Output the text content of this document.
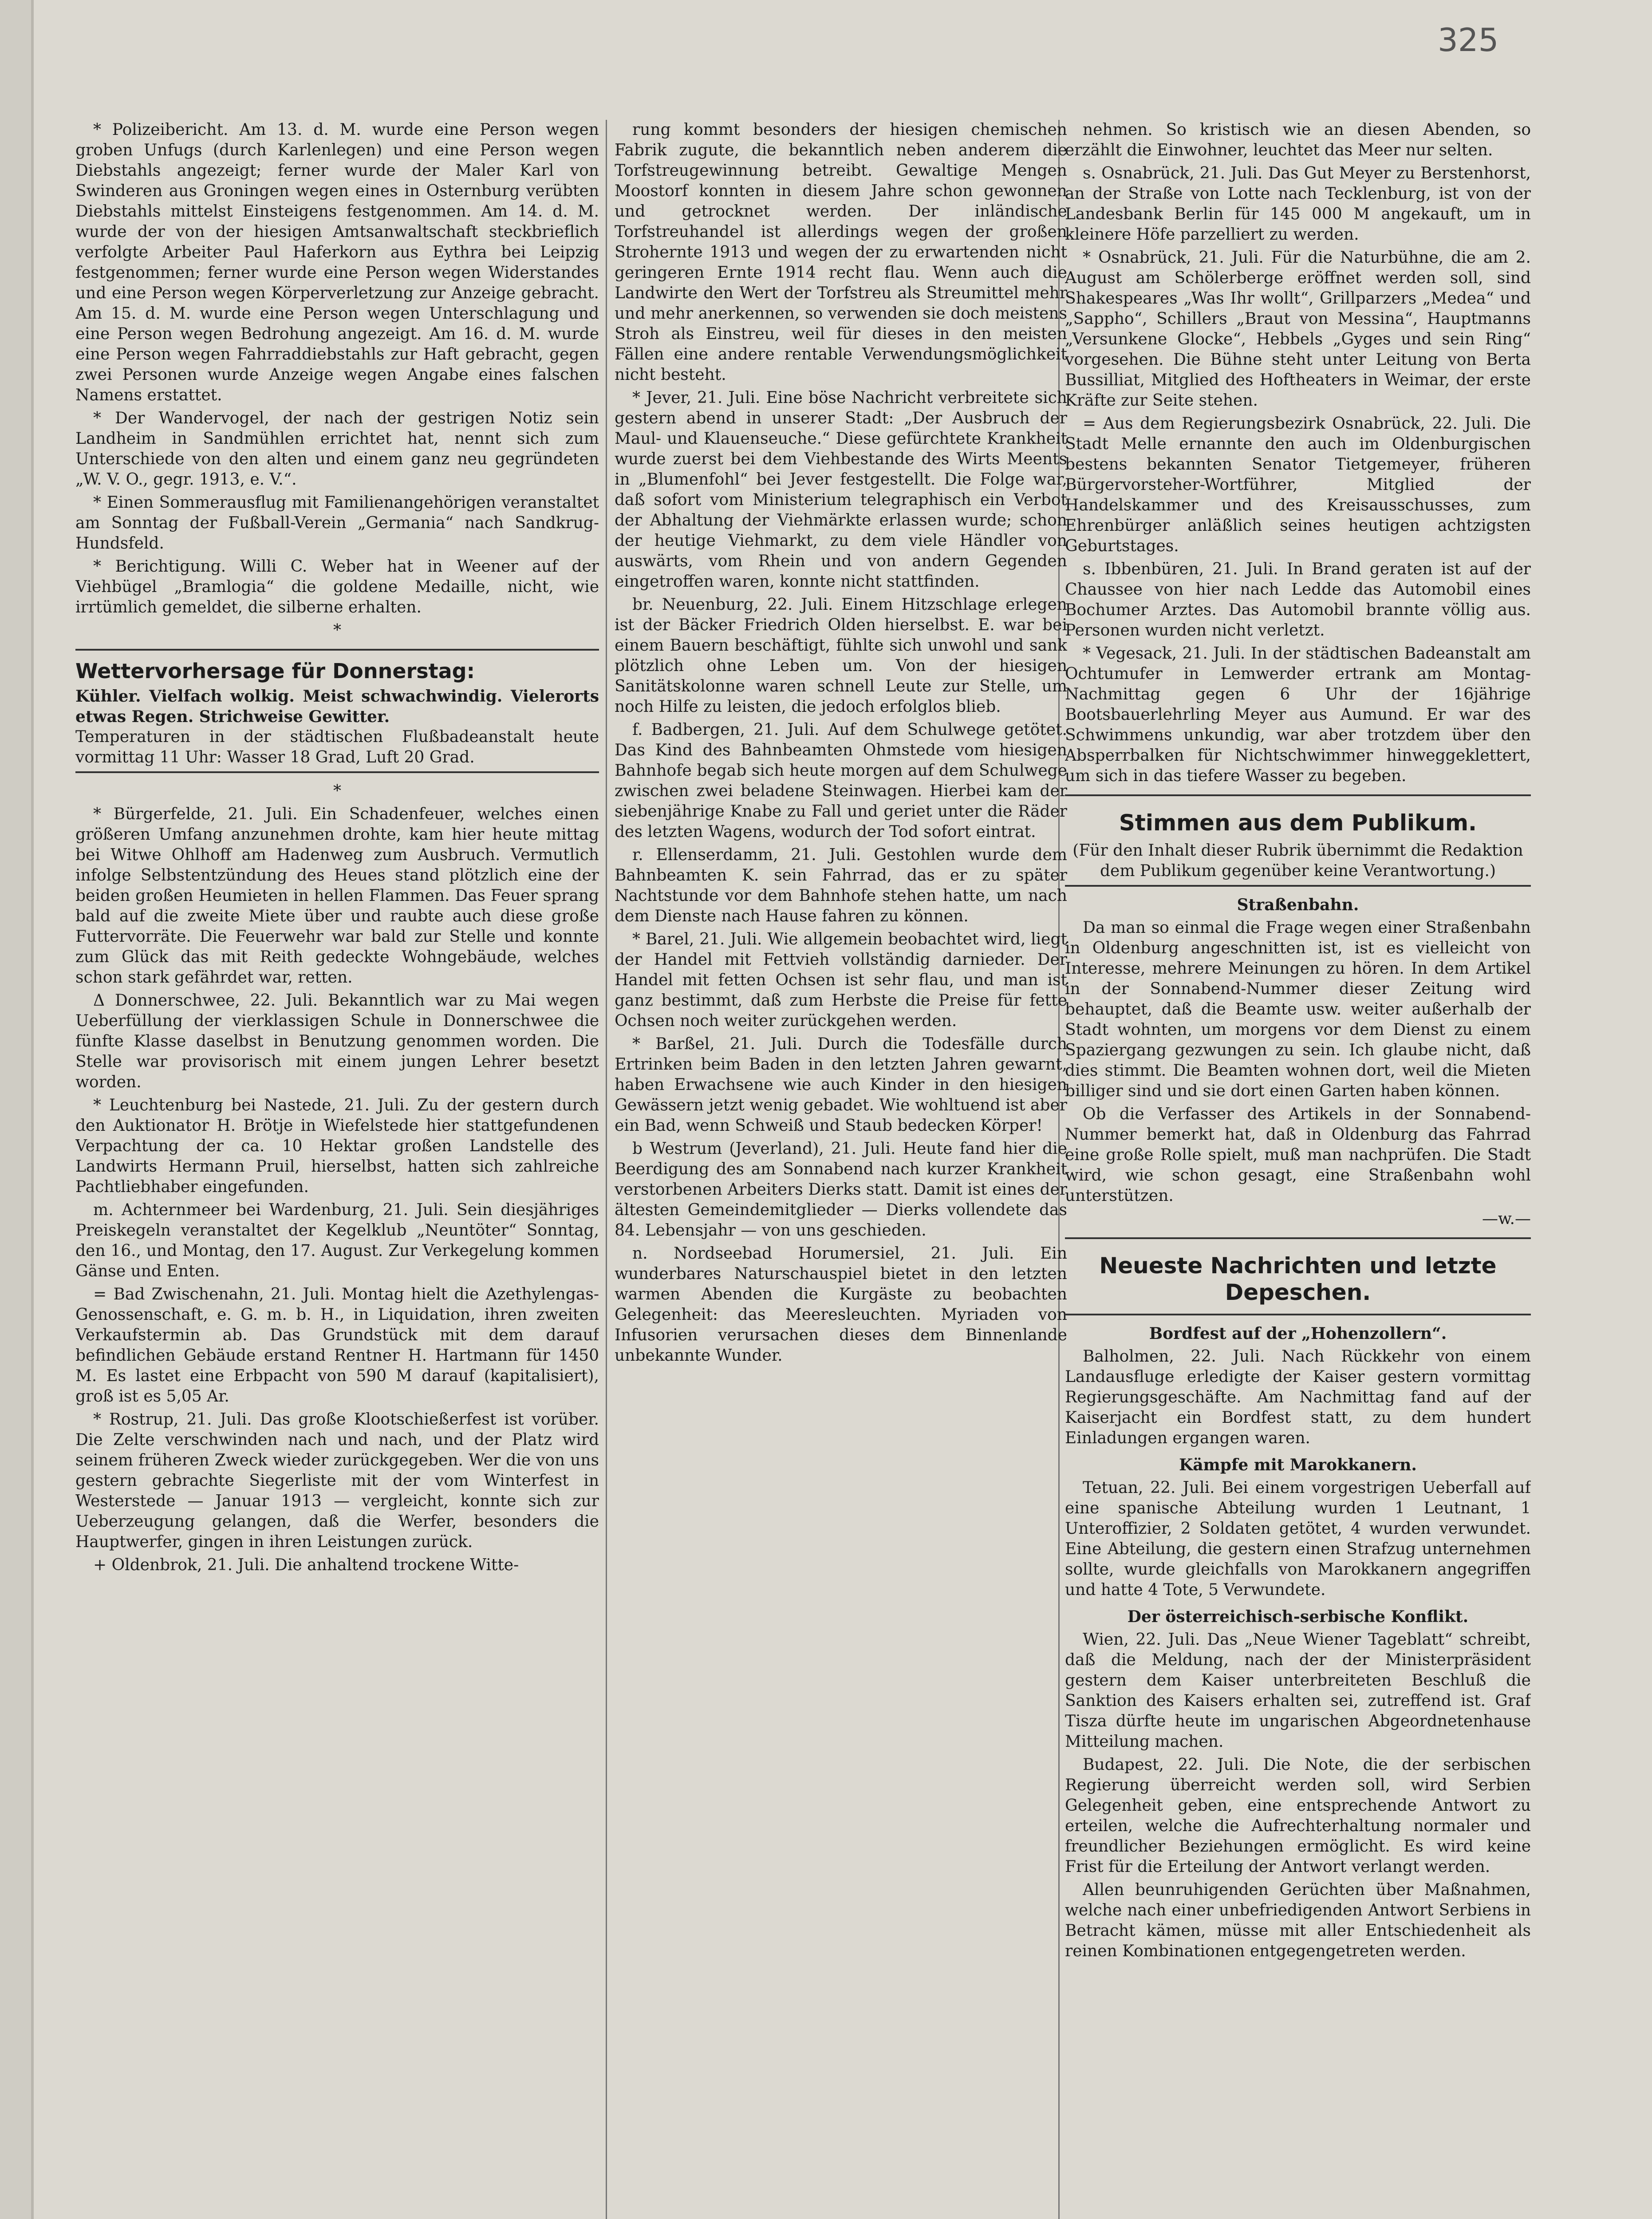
325

* Polizeibericht. Am 13. d. M. wurde eine Person wegen groben Unfugs (durch Karlenlegen) und eine Person wegen Diebstahls angezeigt; ferner wurde der Maler Karl von Swinderen aus Groningen wegen eines in Osternburg verübten Diebstahls mittelst Einsteigens festgenommen. Am 14. d. M. wurde der von der hiesigen Amtsanwaltschaft steckbrieflich verfolgte Arbeiter Paul Haferkorn aus Eythra bei Leipzig festgenommen; ferner wurde eine Person wegen Widerstandes und eine Person wegen Körperverletzung zur Anzeige gebracht. Am 15. d. M. wurde eine Person wegen Unterschlagung und eine Person wegen Bedrohung angezeigt. Am 16. d. M. wurde eine Person wegen Fahrraddiebstahls zur Haft gebracht, gegen zwei Personen wurde Anzeige wegen Angabe eines falschen Namens erstattet.

* Der Wandervogel, der nach der gestrigen Notiz sein Landheim in Sandmühlen errichtet hat, nennt sich zum Unterschiede von den alten und einem ganz neu gegründeten „W. V. O., gegr. 1913, e. V.“.

* Einen Sommerausflug mit Familienangehörigen veranstaltet am Sonntag der Fußball-Verein „Germania“ nach Sandkrug-Hundsfeld.

* Berichtigung. Willi C. Weber hat in Weener auf der Viehbügel „Bramlogia“ die goldene Medaille, nicht, wie irrtümlich gemeldet, die silberne erhalten.

*
Wettervorhersage für Donnerstag:
Kühler. Vielfach wolkig. Meist schwachwindig. Vielerorts etwas Regen. Strichweise Gewitter.
Temperaturen in der städtischen Flußbadeanstalt heute vormittag 11 Uhr: Wasser 18 Grad, Luft 20 Grad.
*

* Bürgerfelde, 21. Juli. Ein Schadenfeuer, welches einen größeren Umfang anzunehmen drohte, kam hier heute mittag bei Witwe Ohlhoff am Hadenweg zum Ausbruch. Vermutlich infolge Selbstentzündung des Heues stand plötzlich eine der beiden großen Heumieten in hellen Flammen. Das Feuer sprang bald auf die zweite Miete über und raubte auch diese große Futtervorräte. Die Feuerwehr war bald zur Stelle und konnte zum Glück das mit Reith gedeckte Wohngebäude, welches schon stark gefährdet war, retten.

Δ Donnerschwee, 22. Juli. Bekanntlich war zu Mai wegen Ueberfüllung der vierklassigen Schule in Donnerschwee die fünfte Klasse daselbst in Benutzung genommen worden. Die Stelle war provisorisch mit einem jungen Lehrer besetzt worden.

* Leuchtenburg bei Nastede, 21. Juli. Zu der gestern durch den Auktionator H. Brötje in Wiefelstede hier stattgefundenen Verpachtung der ca. 10 Hektar großen Landstelle des Landwirts Hermann Pruil, hierselbst, hatten sich zahlreiche Pachtliebhaber eingefunden.

m. Achternmeer bei Wardenburg, 21. Juli. Sein diesjähriges Preiskegeln veranstaltet der Kegelklub „Neuntöter“ Sonntag, den 16., und Montag, den 17. August. Zur Verkegelung kommen Gänse und Enten.

= Bad Zwischenahn, 21. Juli. Montag hielt die Azethylengas-Genossenschaft, e. G. m. b. H., in Liquidation, ihren zweiten Verkaufstermin ab. Das Grundstück mit dem darauf befindlichen Gebäude erstand Rentner H. Hartmann für 1450 M. Es lastet eine Erbpacht von 590 M darauf (kapitalisiert), groß ist es 5,05 Ar.

* Rostrup, 21. Juli. Das große Klootschießerfest ist vorüber. Die Zelte verschwinden nach und nach, und der Platz wird seinem früheren Zweck wieder zurückgegeben. Wer die von uns gestern gebrachte Siegerliste mit der vom Winterfest in Westerstede — Januar 1913 — vergleicht, konnte sich zur Ueberzeugung gelangen, daß die Werfer, besonders die Hauptwerfer, gingen in ihren Leistungen zurück.

+ Oldenbrok, 21. Juli. Die anhaltend trockene Witte-

rung kommt besonders der hiesigen chemischen Fabrik zugute, die bekanntlich neben anderem die Torfstreugewinnung betreibt. Gewaltige Mengen Moostorf konnten in diesem Jahre schon gewonnen und getrocknet werden. Der inländische Torfstreuhandel ist allerdings wegen der großen Strohernte 1913 und wegen der zu erwartenden nicht geringeren Ernte 1914 recht flau. Wenn auch die Landwirte den Wert der Torfstreu als Streumittel mehr und mehr anerkennen, so verwenden sie doch meistens Stroh als Einstreu, weil für dieses in den meisten Fällen eine andere rentable Verwendungsmöglichkeit nicht besteht.

* Jever, 21. Juli. Eine böse Nachricht verbreitete sich gestern abend in unserer Stadt: „Der Ausbruch der Maul- und Klauenseuche.“ Diese gefürchtete Krankheit wurde zuerst bei dem Viehbestande des Wirts Meents in „Blumenfohl“ bei Jever festgestellt. Die Folge war, daß sofort vom Ministerium telegraphisch ein Verbot der Abhaltung der Viehmärkte erlassen wurde; schon der heutige Viehmarkt, zu dem viele Händler von auswärts, vom Rhein und von andern Gegenden eingetroffen waren, konnte nicht stattfinden.

br. Neuenburg, 22. Juli. Einem Hitzschlage erlegen ist der Bäcker Friedrich Olden hierselbst. E. war bei einem Bauern beschäftigt, fühlte sich unwohl und sank plötzlich ohne Leben um. Von der hiesigen Sanitätskolonne waren schnell Leute zur Stelle, um noch Hilfe zu leisten, die jedoch erfolglos blieb.

f. Badbergen, 21. Juli. Auf dem Schulwege getötet. Das Kind des Bahnbeamten Ohmstede vom hiesigen Bahnhofe begab sich heute morgen auf dem Schulwege zwischen zwei beladene Steinwagen. Hierbei kam der siebenjährige Knabe zu Fall und geriet unter die Räder des letzten Wagens, wodurch der Tod sofort eintrat.

r. Ellenserdamm, 21. Juli. Gestohlen wurde dem Bahnbeamten K. sein Fahrrad, das er zu später Nachtstunde vor dem Bahnhofe stehen hatte, um nach dem Dienste nach Hause fahren zu können.

* Barel, 21. Juli. Wie allgemein beobachtet wird, liegt der Handel mit Fettvieh vollständig darnieder. Der Handel mit fetten Ochsen ist sehr flau, und man ist ganz bestimmt, daß zum Herbste die Preise für fette Ochsen noch weiter zurückgehen werden.

* Barßel, 21. Juli. Durch die Todesfälle durch Ertrinken beim Baden in den letzten Jahren gewarnt, haben Erwachsene wie auch Kinder in den hiesigen Gewässern jetzt wenig gebadet. Wie wohltuend ist aber ein Bad, wenn Schweiß und Staub bedecken Körper!

b Westrum (Jeverland), 21. Juli. Heute fand hier die Beerdigung des am Sonnabend nach kurzer Krankheit verstorbenen Arbeiters Dierks statt. Damit ist eines der ältesten Gemeindemitglieder — Dierks vollendete das 84. Lebensjahr — von uns geschieden.

n. Nordseebad Horumersiel, 21. Juli. Ein wunderbares Naturschauspiel bietet in den letzten warmen Abenden die Kurgäste zu beobachten Gelegenheit: das Meeresleuchten. Myriaden von Infusorien verursachen dieses dem Binnenlande unbekannte Wunder.

nehmen. So kristisch wie an diesen Abenden, so erzählt die Einwohner, leuchtet das Meer nur selten.

s. Osnabrück, 21. Juli. Das Gut Meyer zu Berstenhorst, an der Straße von Lotte nach Tecklenburg, ist von der Landesbank Berlin für 145 000 M angekauft, um in kleinere Höfe parzelliert zu werden.

* Osnabrück, 21. Juli. Für die Naturbühne, die am 2. August am Schölerberge eröffnet werden soll, sind Shakespeares „Was Ihr wollt“, Grillparzers „Medea“ und „Sappho“, Schillers „Braut von Messina“, Hauptmanns „Versunkene Glocke“, Hebbels „Gyges und sein Ring“ vorgesehen. Die Bühne steht unter Leitung von Berta Bussilliat, Mitglied des Hoftheaters in Weimar, der erste Kräfte zur Seite stehen.

= Aus dem Regierungsbezirk Osnabrück, 22. Juli. Die Stadt Melle ernannte den auch im Oldenburgischen bestens bekannten Senator Tietgemeyer, früheren Bürgervorsteher-Wortführer, Mitglied der Handelskammer und des Kreisausschusses, zum Ehrenbürger anläßlich seines heutigen achtzigsten Geburtstages.

s. Ibbenbüren, 21. Juli. In Brand geraten ist auf der Chaussee von hier nach Ledde das Automobil eines Bochumer Arztes. Das Automobil brannte völlig aus. Personen wurden nicht verletzt.

* Vegesack, 21. Juli. In der städtischen Badeanstalt am Ochtumufer in Lemwerder ertrank am Montag-Nachmittag gegen 6 Uhr der 16jährige Bootsbauerlehrling Meyer aus Aumund. Er war des Schwimmens unkundig, war aber trotzdem über den Absperrbalken für Nichtschwimmer hinweggeklettert, um sich in das tiefere Wasser zu begeben.

Stimmen aus dem Publikum.
(Für den Inhalt dieser Rubrik übernimmt die Redaktion dem Publikum gegenüber keine Verantwortung.)
Straßenbahn.

Da man so einmal die Frage wegen einer Straßenbahn in Oldenburg angeschnitten ist, ist es vielleicht von Interesse, mehrere Meinungen zu hören. In dem Artikel in der Sonnabend-Nummer dieser Zeitung wird behauptet, daß die Beamte usw. weiter außerhalb der Stadt wohnten, um morgens vor dem Dienst zu einem Spaziergang gezwungen zu sein. Ich glaube nicht, daß dies stimmt. Die Beamten wohnen dort, weil die Mieten billiger sind und sie dort einen Garten haben können.

Ob die Verfasser des Artikels in der Sonnabend-Nummer bemerkt hat, daß in Oldenburg das Fahrrad eine große Rolle spielt, muß man nachprüfen. Die Stadt wird, wie schon gesagt, eine Straßenbahn wohl unterstützen.

—w.—
Neueste Nachrichten und letzte Depeschen.
Bordfest auf der „Hohenzollern“.

Balholmen, 22. Juli. Nach Rückkehr von einem Landausfluge erledigte der Kaiser gestern vormittag Regierungsgeschäfte. Am Nachmittag fand auf der Kaiserjacht ein Bordfest statt, zu dem hundert Einladungen ergangen waren.

Kämpfe mit Marokkanern.

Tetuan, 22. Juli. Bei einem vorgestrigen Ueberfall auf eine spanische Abteilung wurden 1 Leutnant, 1 Unteroffizier, 2 Soldaten getötet, 4 wurden verwundet. Eine Abteilung, die gestern einen Strafzug unternehmen sollte, wurde gleichfalls von Marokkanern angegriffen und hatte 4 Tote, 5 Verwundete.

Der österreichisch-serbische Konflikt.

Wien, 22. Juli. Das „Neue Wiener Tageblatt“ schreibt, daß die Meldung, nach der der Ministerpräsident gestern dem Kaiser unterbreiteten Beschluß die Sanktion des Kaisers erhalten sei, zutreffend ist. Graf Tisza dürfte heute im ungarischen Abgeordnetenhause Mitteilung machen.

Budapest, 22. Juli. Die Note, die der serbischen Regierung überreicht werden soll, wird Serbien Gelegenheit geben, eine entsprechende Antwort zu erteilen, welche die Aufrechterhaltung normaler und freundlicher Beziehungen ermöglicht. Es wird keine Frist für die Erteilung der Antwort verlangt werden.

Allen beunruhigenden Gerüchten über Maßnahmen, welche nach einer unbefriedigenden Antwort Serbiens in Betracht kämen, müsse mit aller Entschiedenheit als reinen Kombinationen entgegengetreten werden.
